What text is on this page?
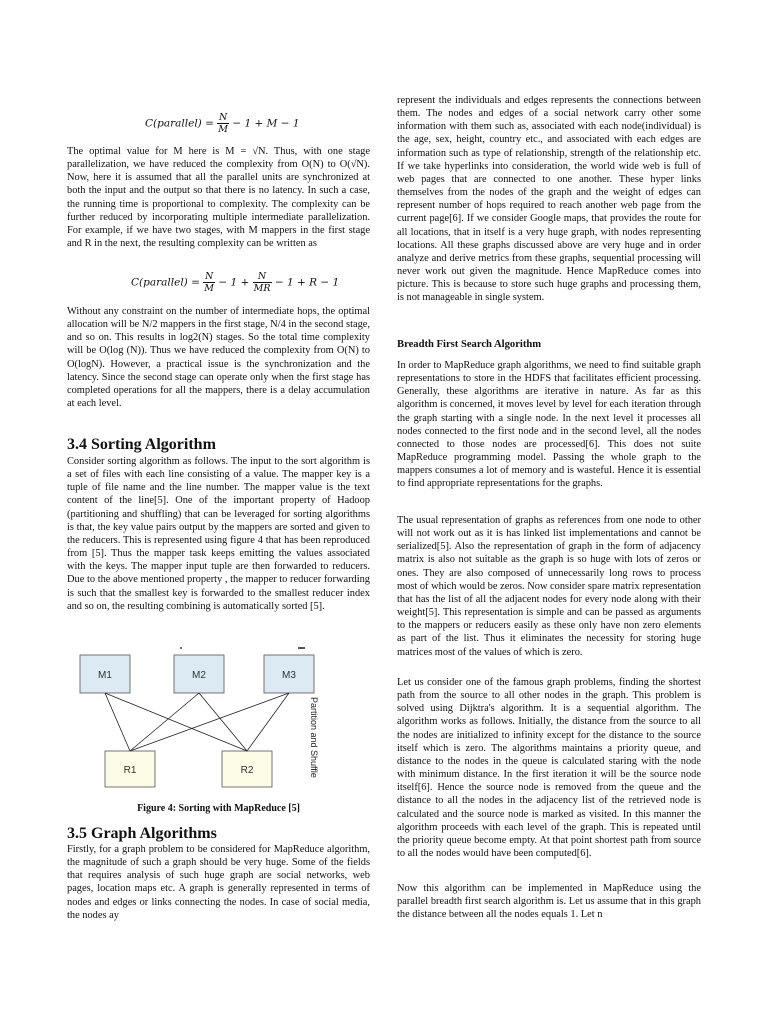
C(parallel) = $\frac{N}{M} - 1 + M - 1$

The optimal value for M here is M = √N. Thus, with one stage parallelization, we have reduced the complexity from O(N) to O(√N). Now, here it is assumed that all the parallel units are synchronized at both the input and the output so that there is no latency. In such a case, the running time is proportional to complexity. The complexity can be further reduced by incorporating multiple intermediate parallelization. For example, if we have two stages, with M mappers in the first stage and R in the next, the resulting complexity can be written as

C(parallel) = $\frac{N}{M} - 1 + \frac{N}{MR} - 1 + R - 1$

Without any constraint on the number of intermediate hops, the optimal allocation will be N/2 mappers in the first stage, N/4 in the second stage, and so on. This results in log2(N) stages. So the total time complexity will be O(log (N)). Thus we have reduced the complexity from O(N) to O(logN). However, a practical issue is the synchronization and the latency. Since the second stage can operate only when the first stage has completed operations for all the mappers, there is a delay accumulation at each level.

3.4 Sorting Algorithm

Consider sorting algorithm as follows. The input to the sort algorithm is a set of files with each line consisting of a value. The mapper key is a tuple of file name and the line number. The mapper value is the text content of the line[5]. One of the important property of Hadoop (partitioning and shuffling) that can be leveraged for sorting algorithms is that, the key value pairs output by the mappers are sorted and given to the reducers. This is represented using figure 4 that has been reproduced from [5]. Thus the mapper task keeps emitting the values associated with the keys. The mapper input tuple are then forwarded to reducers. Due to the above mentioned property , the mapper to reducer forwarding is such that the smallest key is forwarded to the smallest reducer index and so on, the resulting combining is automatically sorted [5].

M1	M2	M3
R1	R2	Partition and Shuffle
Figure 4: Sorting with MapReduce [5]
3.5 Graph Algorithms

Firstly, for a graph problem to be considered for MapReduce algorithm, the magnitude of such a graph should be very huge. Some of the fields that requires analysis of such huge graph are social networks, web pages, location maps etc. A graph is generally represented in terms of nodes and edges or links connecting the nodes. In case of social media, the nodes ay

represent the individuals and edges represents the connections between them. The nodes and edges of a social network carry other some information with them such as, associated with each node(individual) is the age, sex, height, country etc., and associated with each edges are information such as type of relationship, strength of the relationship etc. If we take hyperlinks into consideration, the world wide web is full of web pages that are connected to one another. These hyper links themselves from the nodes of the graph and the weight of edges can represent number of hops required to reach another web page from the current page[6]. If we consider Google maps, that provides the route for all locations, that in itself is a very huge graph, with nodes representing locations. All these graphs discussed above are very huge and in order analyze and derive metrics from these graphs, sequential processing will never work out given the magnitude. Hence MapReduce comes into picture. This is because to store such huge graphs and processing them, is not manageable in single system.

Breadth First Search Algorithm

In order to MapReduce graph algorithms, we need to find suitable graph representations to store in the HDFS that facilitates efficient processing. Generally, these algorithms are iterative in nature. As far as this algorithm is concerned, it moves level by level for each iteration through the graph starting with a single node. In the next level it processes all nodes connected to the first node and in the second level, all the nodes connected to those nodes are processed[6]. This does not suite MapReduce programming model. Passing the whole graph to the mappers consumes a lot of memory and is wasteful. Hence it is essential to find appropriate representations for the graphs.

The usual representation of graphs as references from one node to other will not work out as it is has linked list implementations and cannot be serialized[5]. Also the representation of graph in the form of adjacency matrix is also not suitable as the graph is so huge with lots of zeros or ones. They are also composed of unnecessarily long rows to process most of which would be zeros. Now consider spare matrix representation that has the list of all the adjacent nodes for every node along with their weight[5]. This representation is simple and can be passed as arguments to the mappers or reducers easily as these only have non zero elements as part of the list. Thus it eliminates the necessity for storing huge matrices most of the values of which is zero.

Let us consider one of the famous graph problems, finding the shortest path from the source to all other nodes in the graph. This problem is solved using Dijktra's algorithm. It is a sequential algorithm. The algorithm works as follows. Initially, the distance from the source to all the nodes are initialized to infinity except for the distance to the source itself which is zero. The algorithms maintains a priority queue, and distance to the nodes in the queue is calculated staring with the node with minimum distance. In the first iteration it will be the source node itself[6]. Hence the source node is removed from the queue and the distance to all the nodes in the adjacency list of the retrieved node is calculated and the source node is marked as visited. In this manner the algorithm proceeds with each level of the graph. This is repeated until the priority queue become empty. At that point shortest path from source to all the nodes would have been computed[6].

Now this algorithm can be implemented in MapReduce using the parallel breadth first search algorithm is. Let us assume that in this graph the distance between all the nodes equals 1. Let n
